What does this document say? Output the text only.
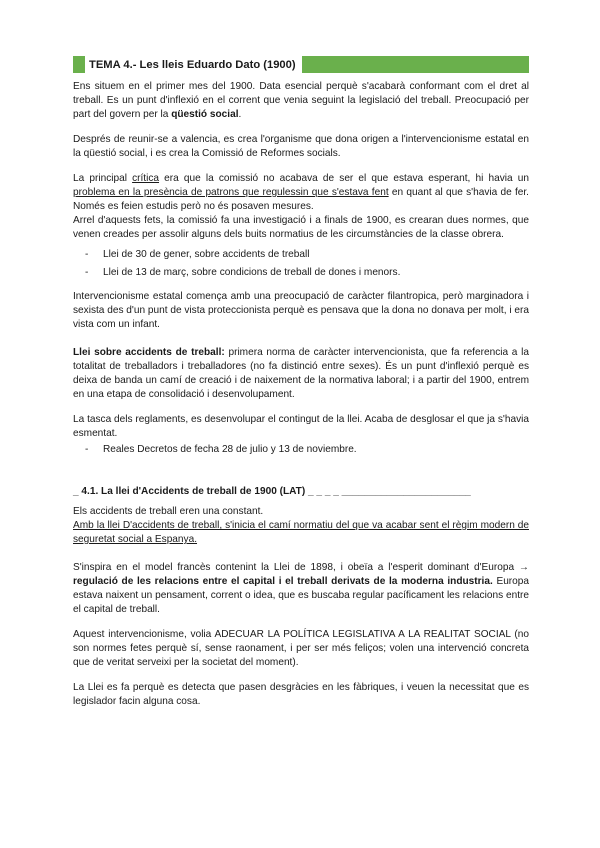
TEMA 4.- Les lleis Eduardo Dato (1900)

Ens situem en el primer mes del 1900. Data esencial perquè s'acabarà conformant com el dret al treball. Es un punt d'inflexió en el corrent que venia seguint la legislació del treball. Preocupació per part del govern per la qüestió social.

Després de reunir-se a valencia, es crea l'organisme que dona origen a l'intervencionisme estatal en la qüestió social, i es crea la Comissió de Reformes socials.

La principal crítica era que la comissió no acabava de ser el que estava esperant, hi havia un problema en la presència de patrons que regulessin que s'estava fent en quant al que s'havia de fer. Només es feien estudis però no és posaven mesures.

Arrel d'aquests fets, la comissió fa una investigació i a finals de 1900, es crearan dues normes, que venen creades per assolir alguns dels buits normatius de les circumstàncies de la classe obrera.

- Llei de 30 de gener, sobre accidents de treball
- Llei de 13 de març, sobre condicions de treball de dones i menors.

Intervencionisme estatal comença amb una preocupació de caràcter filantropica, però marginadora i sexista des d'un punt de vista proteccionista perquè es pensava que la dona no donava per molt, i era vista com un infant.

Llei sobre accidents de treball: primera norma de caràcter intervencionista, que fa referencia a la totalitat de treballadors i treballadores (no fa distinció entre sexes). És un punt d'inflexió perquè es deixa de banda un camí de creació i de naixement de la normativa laboral; i a partir del 1900, entrem en una etapa de consolidació i desenvolupament.

La tasca dels reglaments, es desenvolupar el contingut de la llei. Acaba de desglosar el que ja s'havia esmentat.

- Reales Decretos de fecha 28 de julio y 13 de noviembre.
_ 4.1. La llei d'Accidents de treball de 1900 (LAT) _ _ _ _ _______________________

Els accidents de treball eren una constant.

Amb la llei D'accidents de treball, s'inicia el camí normatiu del que va acabar sent el règim modern de seguretat social a Espanya.

S'inspira en el model francès contenint la Llei de 1898, i obeïa a l'esperit dominant d'Europa → regulació de les relacions entre el capital i el treball derivats de la moderna industria. Europa estava naixent un pensament, corrent o idea, que es buscaba regular pacíficament les relacions entre el capital de treball.

Aquest intervencionisme, volia ADECUAR LA POLÍTICA LEGISLATIVA A LA REALITAT SOCIAL (no son normes fetes perquè sí, sense raonament, i per ser més feliços; volen una intervenció concreta que de veritat serveixi per la societat del moment).

La Llei es fa perquè es detecta que pasen desgràcies en les fàbriques, i veuen la necessitat que es legislador facin alguna cosa.
